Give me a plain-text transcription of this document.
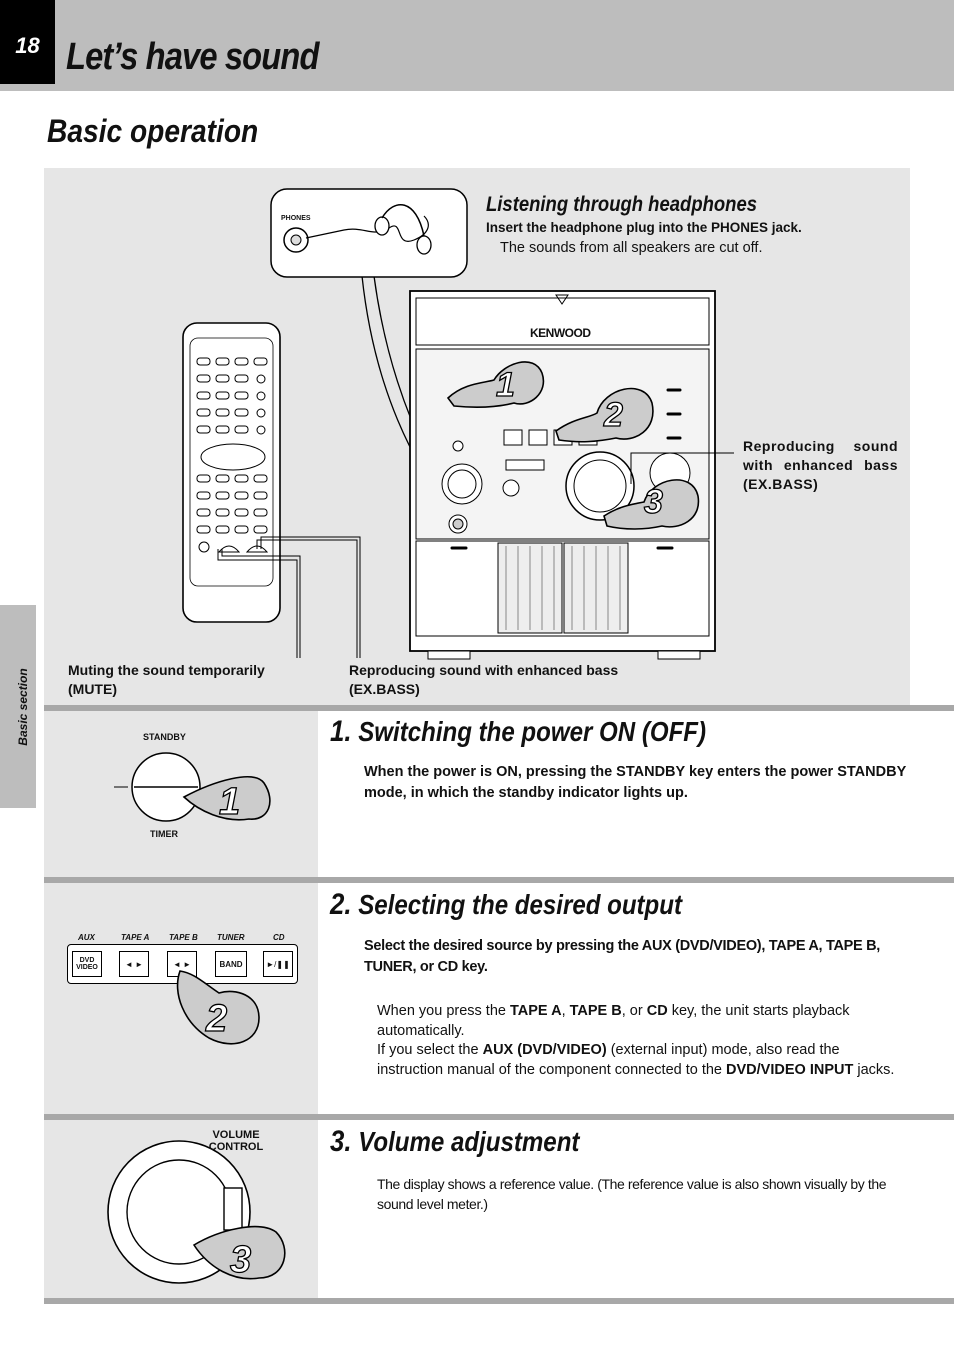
18 Let’s have sound
Basic section
Basic operation
1
2
3
PHONES
KENWOOD
Listening through headphones
Insert the headphone plug into the PHONES jack.
The sounds from all speakers are cut off.
Reproducing sound with enhanced bass (EX.BASS)
Muting the sound temporarily (MUTE)
Reproducing sound with enhanced bass (EX.BASS)
1
STANDBY
TIMER
1. Switching the power ON (OFF)
When the power is ON, pressing the STANDBY key enters the power STANDBY mode, in which the standby indicator lights up.
AUX	TAPE A TAPE B TUNER	CD
DVD VIDEO	◄ ►	◄ ►	BAND	►/❚❚
2
2. Selecting the desired output
Select the desired source by pressing the AUX (DVD/VIDEO), TAPE A, TAPE B, TUNER, or CD key.
When you press the TAPE A, TAPE B, or CD key, the unit starts playback automatically.
If you select the AUX (DVD/VIDEO) (external input) mode, also read the instruction manual of the component connected to the DVD/VIDEO INPUT jacks.
3
VOLUME CONTROL 3. Volume adjustment
The display shows a reference value. (The reference value is also shown visually by the sound level meter.)
